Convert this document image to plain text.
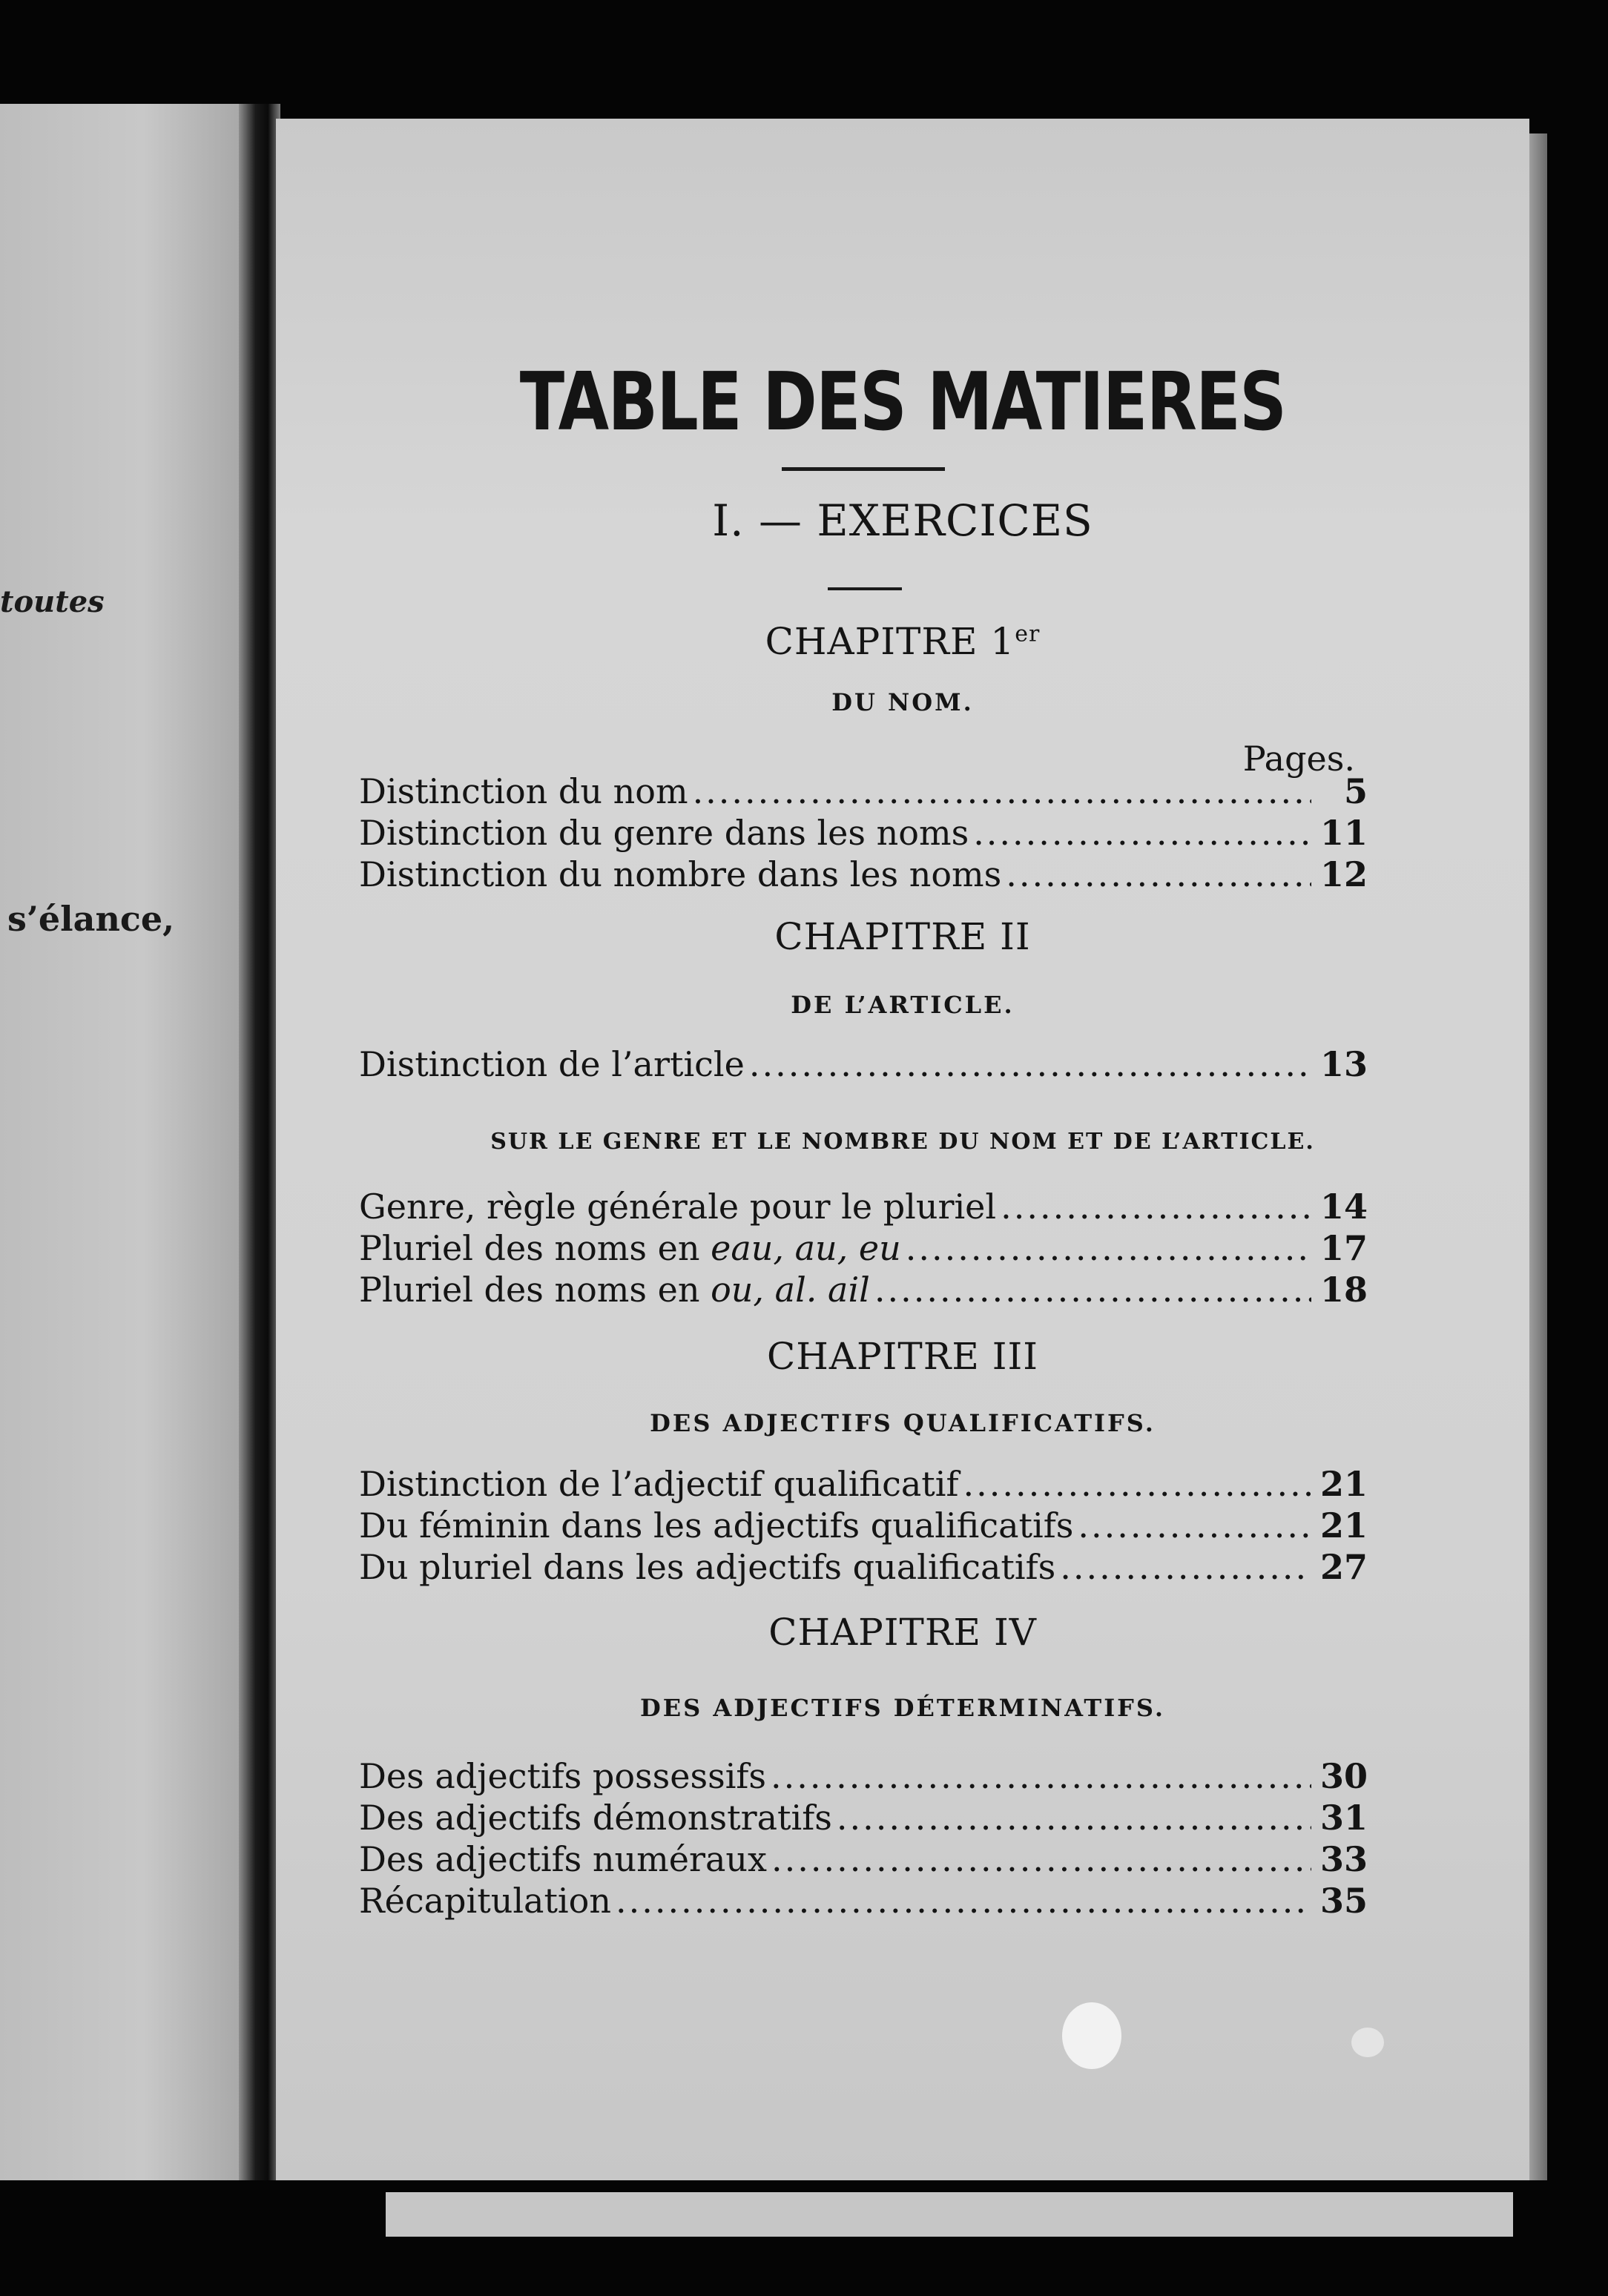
toutes
s’élance,
TABLE DES MATIERES
I. — EXERCICES
CHAPITRE 1er
DU NOM.
Pages.
Distinction du nom .....	5
Distinction du genre dans les noms .....	11
Distinction du nombre dans les noms .....	12
CHAPITRE II
DE L’ARTICLE.
Distinction de l’article .....	13
SUR LE GENRE ET LE NOMBRE DU NOM ET DE L’ARTICLE.
Genre, règle générale pour le pluriel .....	14
Pluriel des noms en eau, au, eu .....	17
Pluriel des noms en ou, al. ail .....	18
CHAPITRE III
DES ADJECTIFS QUALIFICATIFS.
Distinction de l’adjectif qualificatif .....	21
Du féminin dans les adjectifs qualificatifs .....	21
Du pluriel dans les adjectifs qualificatifs .....	27
CHAPITRE IV
DES ADJECTIFS DÉTERMINATIFS.
Des adjectifs possessifs .....	30
Des adjectifs démonstratifs .....	31
Des adjectifs numéraux .....	33
Récapitulation .....	35
